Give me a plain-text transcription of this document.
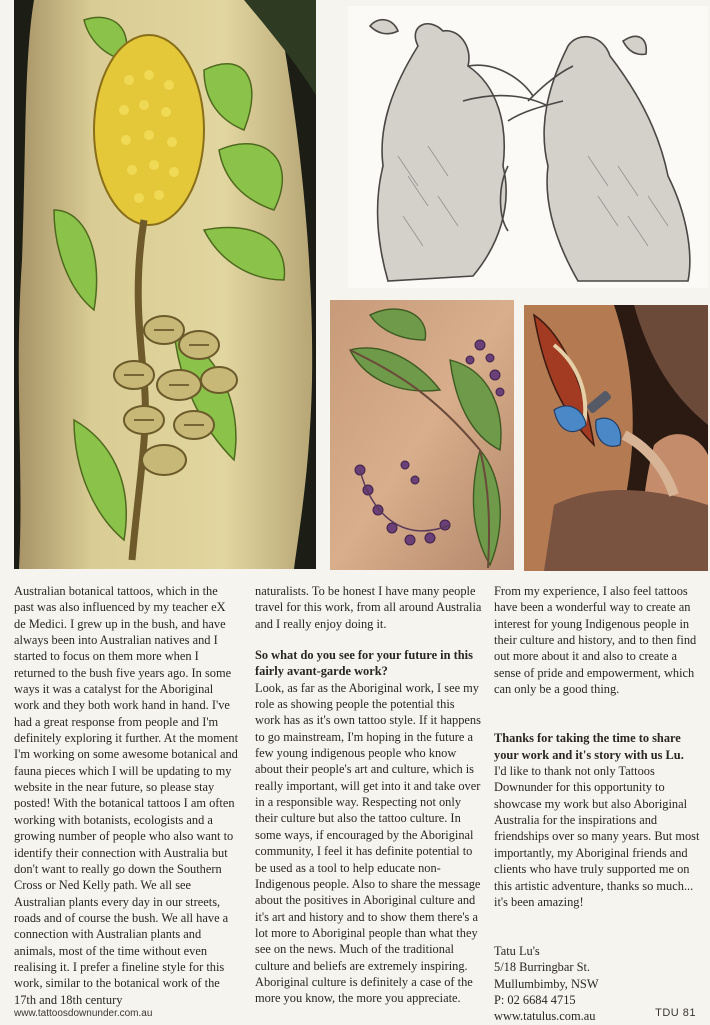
Australian botanical tattoos, which in the past was also influenced by my teacher eX de Medici. I grew up in the bush, and have always been into Australian natives and I started to focus on them more when I returned to the bush five years ago. In some ways it was a catalyst for the Aboriginal work and they both work hand in hand. I've had a great response from people and I'm definitely exploring it further. At the moment I'm working on some awesome botanical and fauna pieces which I will be updating to my website in the near future, so please stay posted! With the botanical tattoos I am often working with botanists, ecologists and a growing number of people who also want to identify their connection with Australia but don't want to really go down the Southern Cross or Ned Kelly path. We all see Australian plants every day in our streets, roads and of course the bush. We all have a connection with Australian plants and animals, most of the time without even realising it. I prefer a fineline style for this work, similar to the botanical work of the 17th and 18th century

naturalists. To be honest I have many people travel for this work, from all around Australia and I really enjoy doing it.

So what do you see for your future in this fairly avant-garde work?

Look, as far as the Aboriginal work, I see my role as showing people the potential this work has as it's own tattoo style. If it happens to go mainstream, I'm hoping in the future a few young indigenous people who know about their people's art and culture, which is really important, will get into it and take over in a responsible way. Respecting not only their culture but also the tattoo culture. In some ways, if encouraged by the Aboriginal community, I feel it has definite potential to be used as a tool to help educate non-Indigenous people. Also to share the message about the positives in Aboriginal culture and it's art and history and to show them there's a lot more to Aboriginal people than what they see on the news. Much of the traditional culture and beliefs are extremely inspiring. Aboriginal culture is definitely a case of the more you know, the more you appreciate.

From my experience, I also feel tattoos have been a wonderful way to create an interest for young Indigenous people in their culture and history, and to then find out more about it and also to create a sense of pride and empowerment, which can only be a good thing.

Thanks for taking the time to share your work and it's story with us Lu.

I'd like to thank not only Tattoos Downunder for this opportunity to showcase my work but also Aboriginal Australia for the inspirations and friendships over so many years. But most importantly, my Aboriginal friends and clients who have truly supported me on this artistic adventure, thanks so much... it's been amazing!

Tatu Lu's
5/18 Burringbar St.
Mullumbimby, NSW
P: 02 6684 4715
www.tatulus.com.au
www.tattoosdownunder.com.au	TDU 81
